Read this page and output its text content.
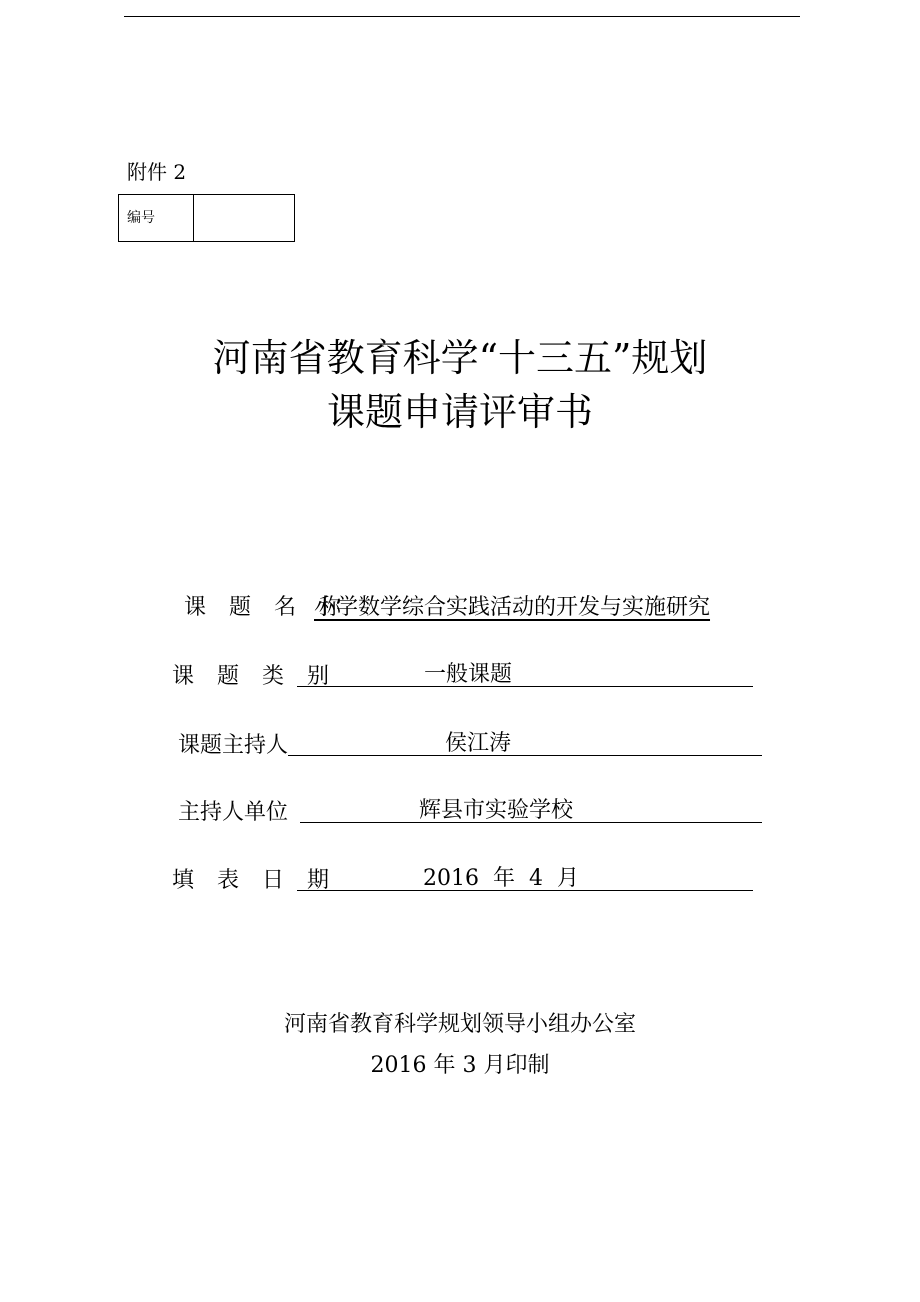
附件 2
编号
河南省教育科学“十三五”规划
课题申请评审书
课 题 名 称
小学数学综合实践活动的开发与实施研究
课 题 类 别	一般课题
课题主持人	侯江涛
主持人单位	辉县市实验学校
填 表 日 期	2016  年  4  月
河南省教育科学规划领导小组办公室
2016 年 3 月印制
